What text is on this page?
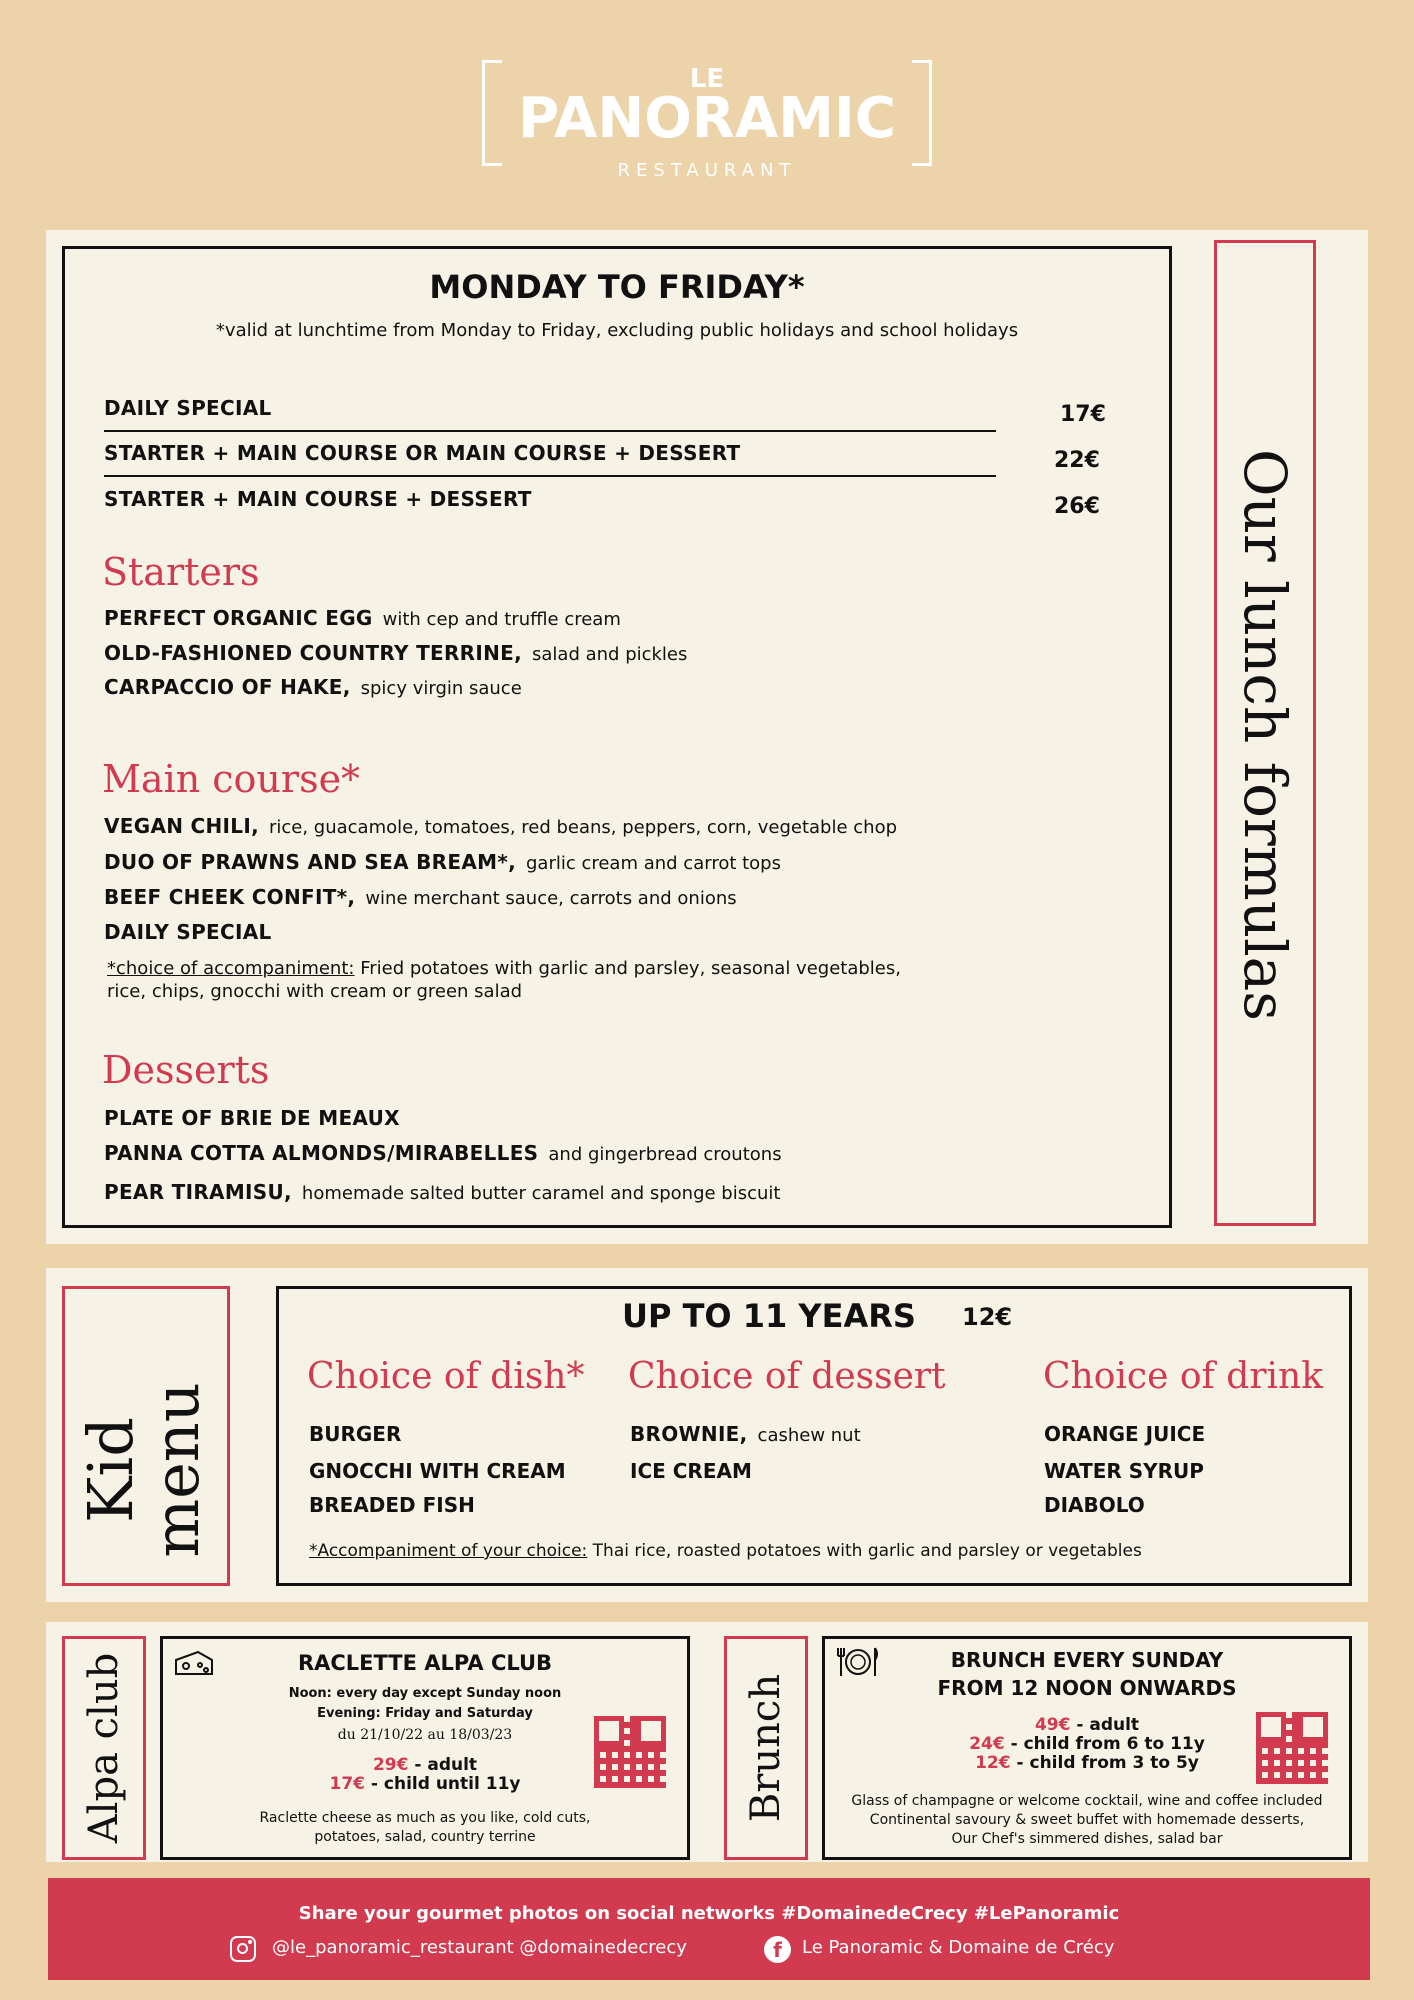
LE
PANORAMIC
RESTAURANT
Our lunch formulas
MONDAY TO FRIDAY*
*valid at lunchtime from Monday to Friday, excluding public holidays and school holidays
DAILY SPECIAL	17€
STARTER + MAIN COURSE OR MAIN COURSE + DESSERT	22€
STARTER + MAIN COURSE + DESSERT	26€
Starters
PERFECT ORGANIC EGG with cep and truffle cream
OLD-FASHIONED COUNTRY TERRINE, salad and pickles
CARPACCIO OF HAKE, spicy virgin sauce
Main course*
VEGAN CHILI, rice, guacamole, tomatoes, red beans, peppers, corn, vegetable chop
DUO OF PRAWNS AND SEA BREAM*, garlic cream and carrot tops
BEEF CHEEK CONFIT*, wine merchant sauce, carrots and onions
DAILY SPECIAL
*choice of accompaniment: Fried potatoes with garlic and parsley, seasonal vegetables,
rice, chips, gnocchi with cream or green salad
Desserts
PLATE OF BRIE DE MEAUX
PANNA COTTA ALMONDS/MIRABELLES and gingerbread croutons
PEAR TIRAMISU, homemade salted butter caramel and sponge biscuit
Kid
menu
UP TO 11 YEARS 12€
Choice of dish*
BURGER
GNOCCHI WITH CREAM
BREADED FISH
Choice of dessert
BROWNIE, cashew nut
ICE CREAM
Choice of drink
ORANGE JUICE
WATER SYRUP
DIABOLO
*Accompaniment of your choice: Thai rice, roasted potatoes with garlic and parsley or vegetables
Alpa club	RACLETTE ALPA CLUB
Noon: every day except Sunday noon
Evening: Friday and Saturday
du 21/10/22 au 18/03/23
29€ - adult
17€ - child until 11y
Raclette cheese as much as you like, cold cuts,
potatoes, salad, country terrine
Brunch
BRUNCH EVERY SUNDAY
FROM 12 NOON ONWARDS
49€ - adult
24€ - child from 6 to 11y
12€ - child from 3 to 5y
Glass of champagne or welcome cocktail, wine and coffee included
Continental savoury & sweet buffet with homemade desserts,
Our Chef's simmered dishes, salad bar
Share your gourmet photos on social networks #DomainedeCrecy #LePanoramic
@le_panoramic_restaurant @domainedecrecy	f	Le Panoramic & Domaine de Crécy
